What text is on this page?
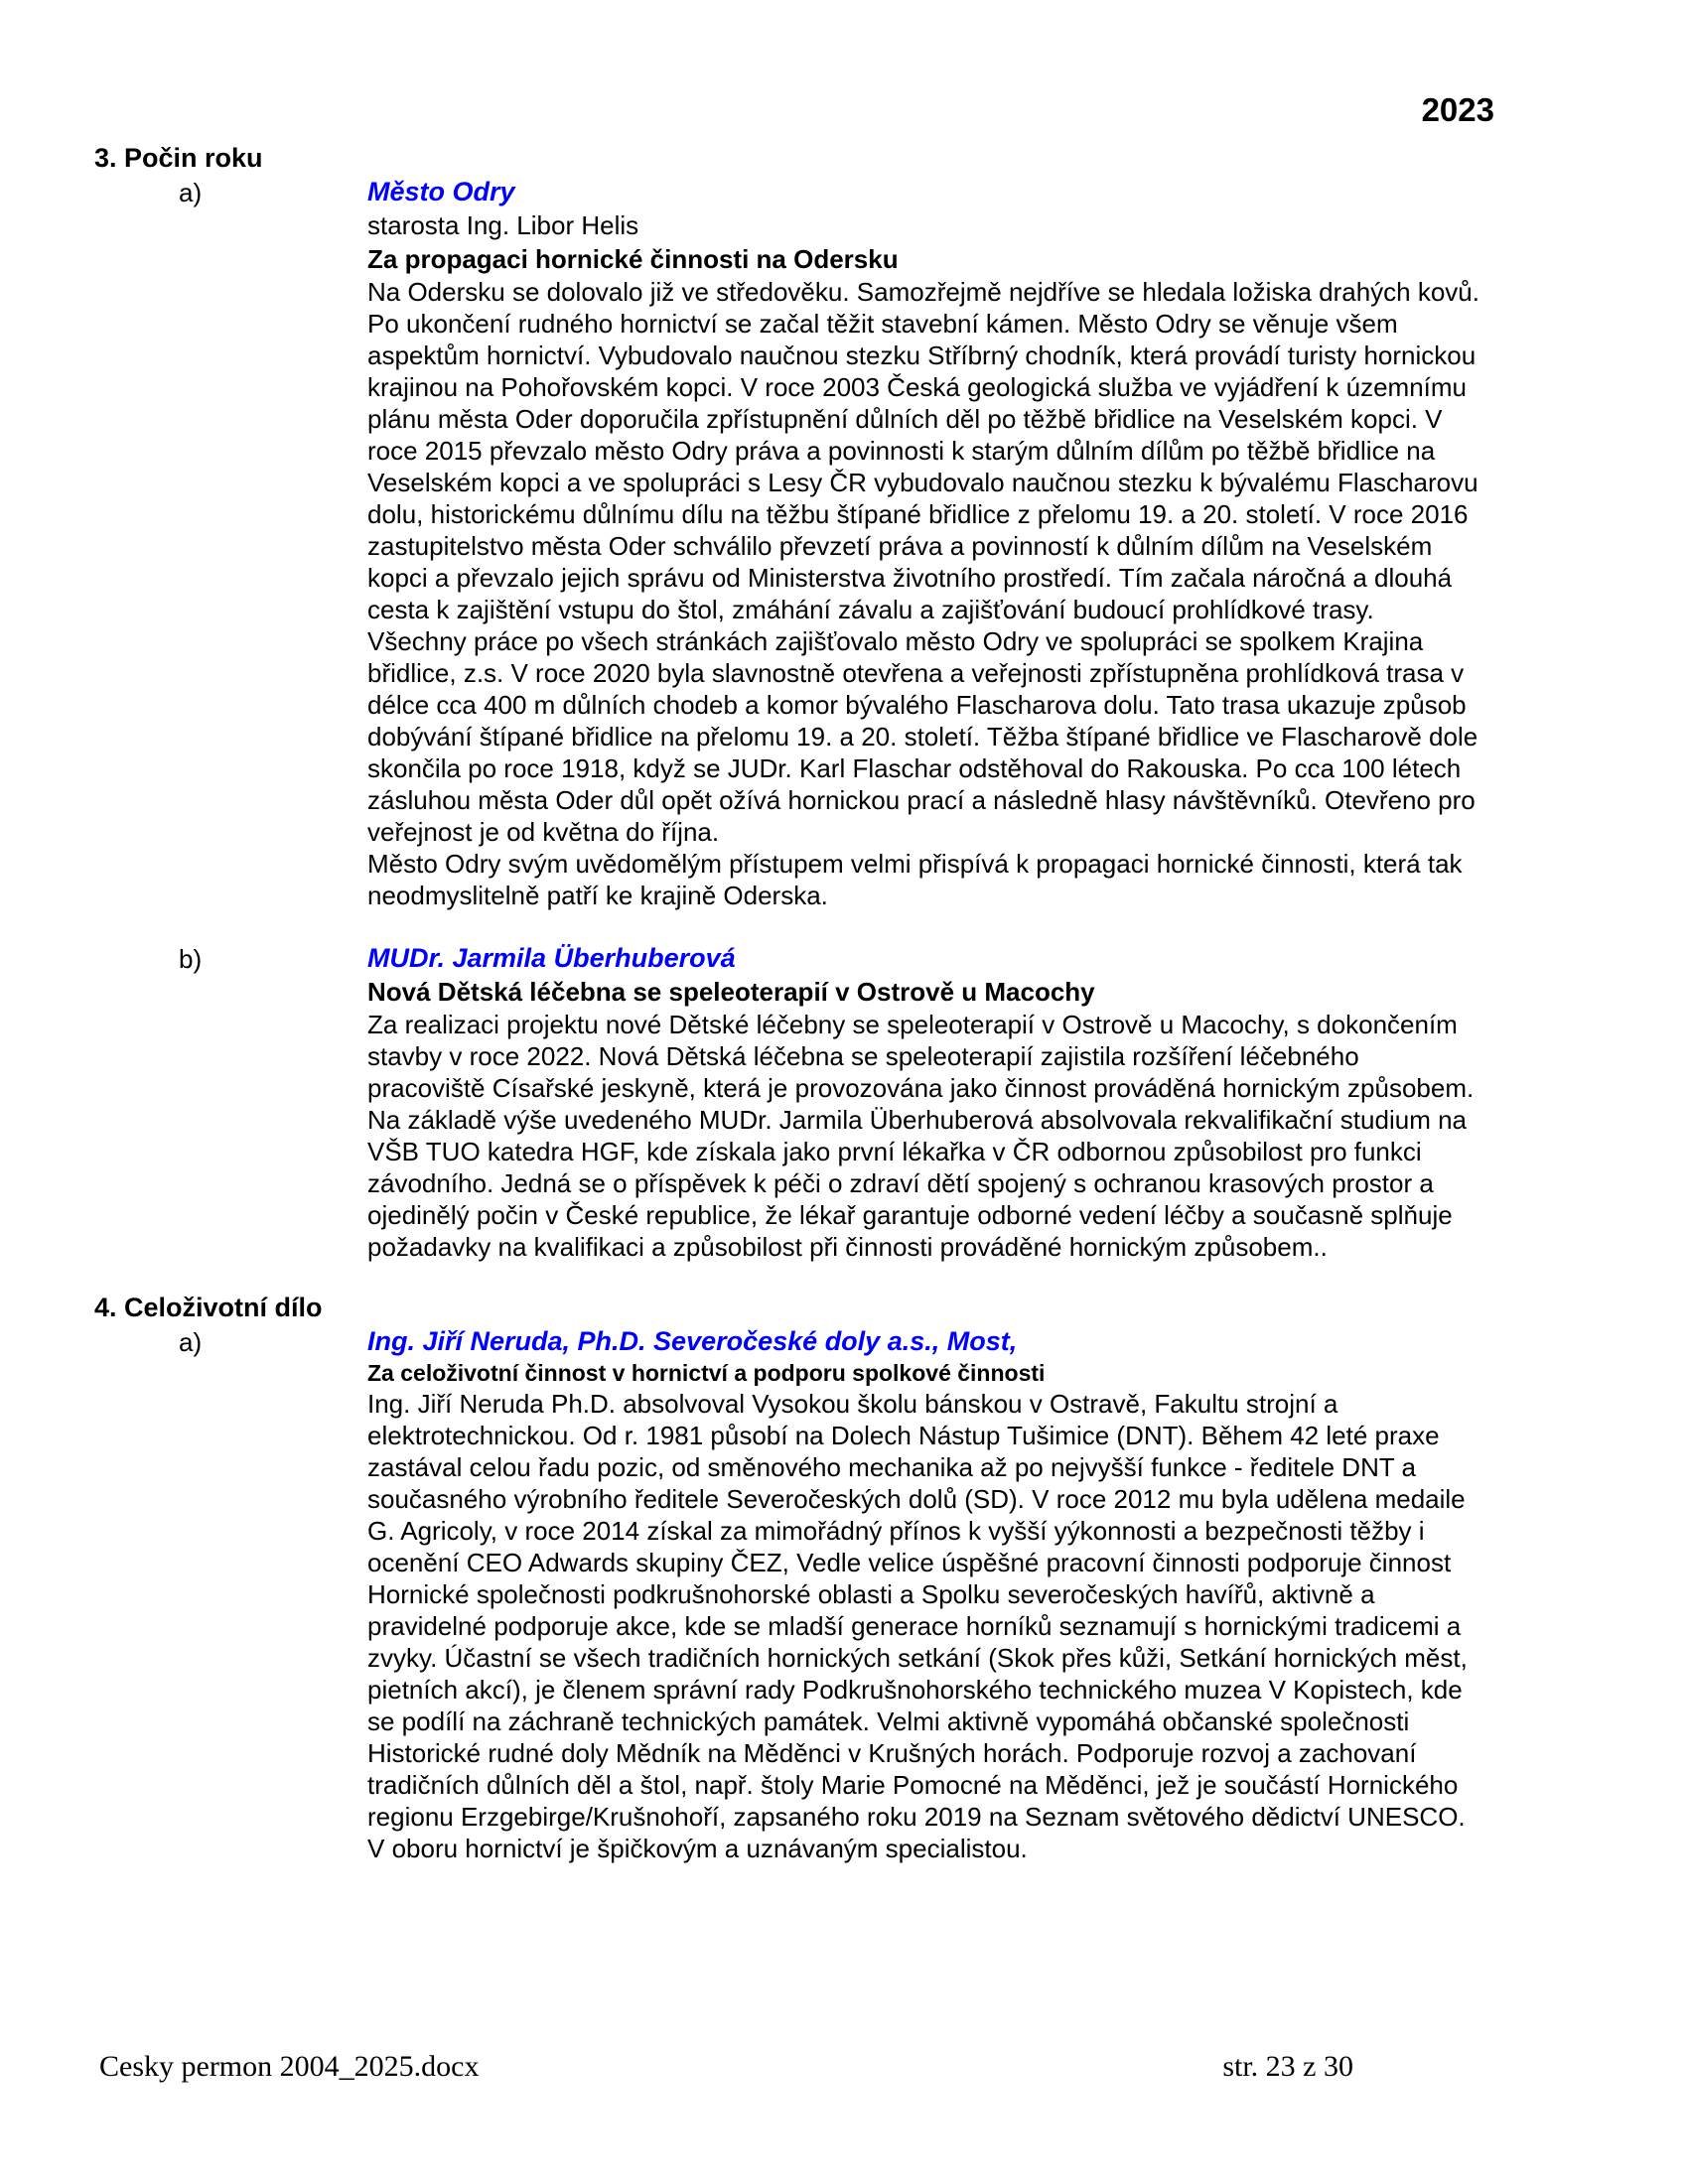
2023
3. Počin roku
a)	Město Odry
starosta Ing. Libor Helis
Za propagaci hornické činnosti na Odersku

Na Odersku se dolovalo již ve středověku. Samozřejmě nejdříve se hledala ložiska drahých kovů. Po ukončení rudného hornictví se začal těžit stavební kámen. Město Odry se věnuje všem aspektům hornictví. Vybudovalo naučnou stezku Stříbrný chodník, která provádí turisty hornickou krajinou na Pohořovském kopci. V roce 2003 Česká geologická služba ve vyjádření k územnímu plánu města Oder doporučila zpřístupnění důlních děl po těžbě břidlice na Veselském kopci. V roce 2015 převzalo město Odry práva a povinnosti k starým důlním dílům po těžbě břidlice na Veselském kopci a ve spolupráci s Lesy ČR vybudovalo naučnou stezku k bývalému Flascharovu dolu, historickému důlnímu dílu na těžbu štípané břidlice z přelomu 19. a 20. století. V roce 2016 zastupitelstvo města Oder schválilo převzetí práva a povinností k důlním dílům na Veselském kopci a převzalo jejich správu od Ministerstva životního prostředí. Tím začala náročná a dlouhá cesta k zajištění vstupu do štol, zmáhání závalu a zajišťování budoucí prohlídkové trasy. Všechny práce po všech stránkách zajišťovalo město Odry ve spolupráci se spolkem Krajina břidlice, z.s. V roce 2020 byla slavnostně otevřena a veřejnosti zpřístupněna prohlídková trasa v délce cca 400 m důlních chodeb a komor bývalého Flascharova dolu. Tato trasa ukazuje způsob dobývání štípané břidlice na přelomu 19. a 20. století. Těžba štípané břidlice ve Flascharově dole skončila po roce 1918, když se JUDr. Karl Flaschar odstěhoval do Rakouska. Po cca 100 létech zásluhou města Oder důl opět ožívá hornickou prací a následně hlasy návštěvníků. Otevřeno pro veřejnost je od května do října.

Město Odry svým uvědomělým přístupem velmi přispívá k propagaci hornické činnosti, která tak neodmyslitelně patří ke krajině Oderska.

b)	MUDr. Jarmila Überhuberová
Nová Dětská léčebna se speleoterapií v Ostrově u Macochy

Za realizaci projektu nové Dětské léčebny se speleoterapií v Ostrově u Macochy, s dokončením stavby v roce 2022. Nová Dětská léčebna se speleoterapií zajistila rozšíření léčebného pracoviště Císařské jeskyně, která je provozována jako činnost prováděná hornickým způsobem. Na základě výše uvedeného MUDr. Jarmila Überhuberová absolvovala rekvalifikační studium na VŠB TUO katedra HGF, kde získala jako první lékařka v ČR odbornou způsobilost pro funkci závodního. Jedná se o příspěvek k péči o zdraví dětí spojený s ochranou krasových prostor a ojedinělý počin v České republice, že lékař garantuje odborné vedení léčby a současně splňuje požadavky na kvalifikaci a způsobilost při činnosti prováděné hornickým způsobem..

4. Celoživotní dílo
a)	Ing. Jiří Neruda, Ph.D. Severočeské doly a.s., Most,
Za celoživotní činnost v hornictví a podporu spolkové činnosti

Ing. Jiří Neruda Ph.D. absolvoval Vysokou školu bánskou v Ostravě, Fakultu strojní a elektrotechnickou. Od r. 1981 působí na Dolech Nástup Tušimice (DNT). Během 42 leté praxe zastával celou řadu pozic, od směnového mechanika až po nejvyšší funkce - ředitele DNT a současného výrobního ředitele Severočeských dolů (SD). V roce 2012 mu byla udělena medaile G. Agricoly, v roce 2014 získal za mimořádný přínos k vyšší yýkonnosti a bezpečnosti těžby i ocenění CEO Adwards skupiny ČEZ, Vedle velice úspěšné pracovní činnosti podporuje činnost Hornické společnosti podkrušnohorské oblasti a Spolku severočeských havířů, aktivně a pravidelné podporuje akce, kde se mladší generace horníků seznamují s hornickými tradicemi a zvyky. Účastní se všech tradičních hornických setkání (Skok přes kůži, Setkání hornických měst, pietních akcí), je členem správní rady Podkrušnohorského technického muzea V Kopistech, kde se podílí na záchraně technických památek. Velmi aktivně vypomáhá občanské společnosti Historické rudné doly Mědník na Měděnci v Krušných horách. Podporuje rozvoj a zachovaní tradičních důlních děl a štol, např. štoly Marie Pomocné na Měděnci, jež je součástí Hornického regionu Erzgebirge/Krušnohoří, zapsaného roku 2019 na Seznam světového dědictví UNESCO. V oboru hornictví je špičkovým a uznávaným specialistou.

Cesky permon 2004_2025.docx	str. 23 z 30
